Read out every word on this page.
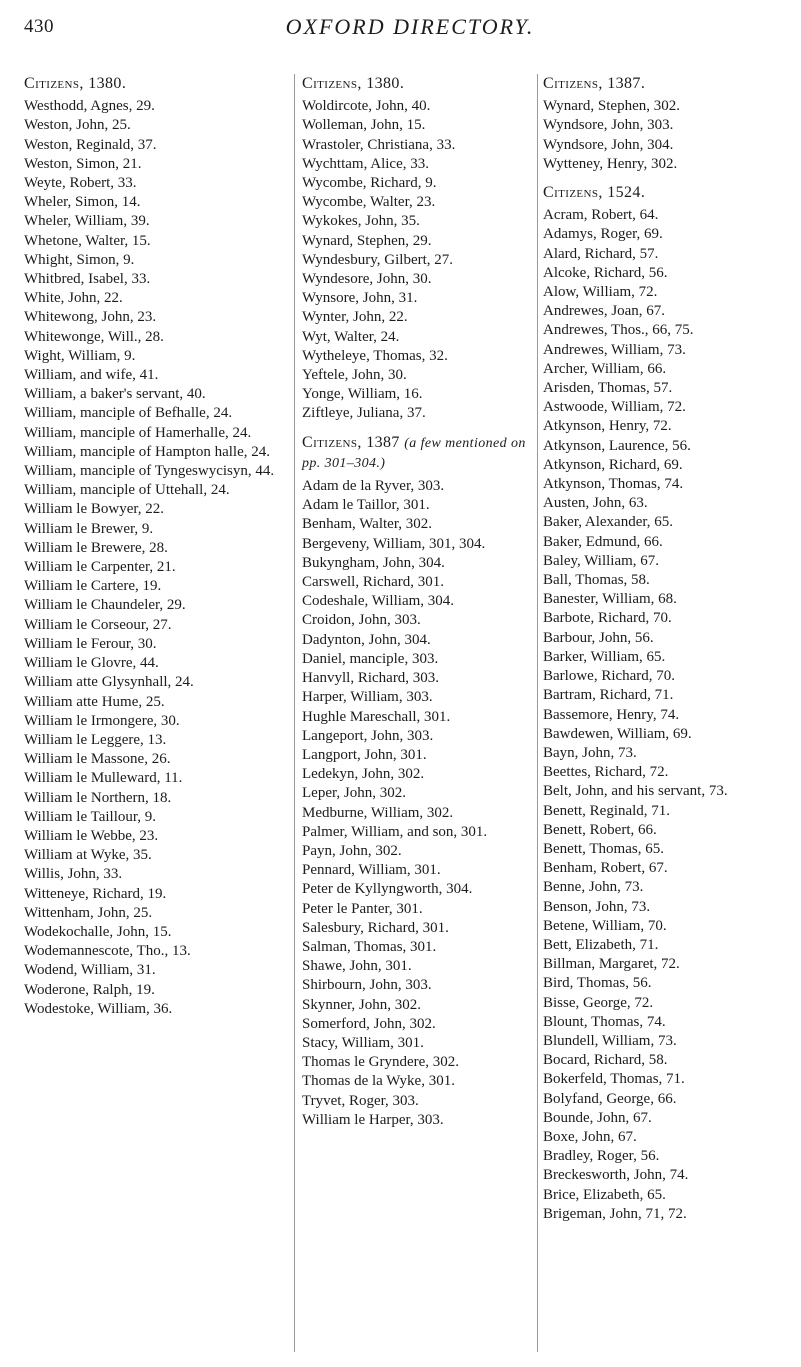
430	OXFORD DIRECTORY.
Citizens, 1380.

Westhodd, Agnes, 29.

Weston, John, 25.

Weston, Reginald, 37.

Weston, Simon, 21.

Weyte, Robert, 33.

Wheler, Simon, 14.

Wheler, William, 39.

Whetone, Walter, 15.

Whight, Simon, 9.

Whitbred, Isabel, 33.

White, John, 22.

Whitewong, John, 23.

Whitewonge, Will., 28.

Wight, William, 9.

William, and wife, 41.

William, a baker's servant, 40.

William, manciple of Befhalle, 24.

William, manciple of Hamerhalle, 24.

William, manciple of Hampton halle, 24.

William, manciple of Tyngeswycisyn, 44.

William, manciple of Uttehall, 24.

William le Bowyer, 22.

William le Brewer, 9.

William le Brewere, 28.

William le Carpenter, 21.

William le Cartere, 19.

William le Chaundeler, 29.

William le Corseour, 27.

William le Ferour, 30.

William le Glovre, 44.

William atte Glysynhall, 24.

William atte Hume, 25.

William le Irmongere, 30.

William le Leggere, 13.

William le Massone, 26.

William le Mulleward, 11.

William le Northern, 18.

William le Taillour, 9.

William le Webbe, 23.

William at Wyke, 35.

Willis, John, 33.

Witteneye, Richard, 19.

Wittenham, John, 25.

Wodekochalle, John, 15.

Wodemannescote, Tho., 13.

Wodend, William, 31.

Woderone, Ralph, 19.

Wodestoke, William, 36.

Citizens, 1380.

Woldircote, John, 40.

Wolleman, John, 15.

Wrastoler, Christiana, 33.

Wychttam, Alice, 33.

Wycombe, Richard, 9.

Wycombe, Walter, 23.

Wykokes, John, 35.

Wynard, Stephen, 29.

Wyndesbury, Gilbert, 27.

Wyndesore, John, 30.

Wynsore, John, 31.

Wynter, John, 22.

Wyt, Walter, 24.

Wytheleye, Thomas, 32.

Yeftele, John, 30.

Yonge, William, 16.

Ziftleye, Juliana, 37.

Citizens, 1387 (a few mentioned on pp. 301–304.)

Adam de la Ryver, 303.

Adam le Taillor, 301.

Benham, Walter, 302.

Bergeveny, William, 301, 304.

Bukyngham, John, 304.

Carswell, Richard, 301.

Codeshale, William, 304.

Croidon, John, 303.

Dadynton, John, 304.

Daniel, manciple, 303.

Hanvyll, Richard, 303.

Harper, William, 303.

Hughle Mareschall, 301.

Langeport, John, 303.

Langport, John, 301.

Ledekyn, John, 302.

Leper, John, 302.

Medburne, William, 302.

Palmer, William, and son, 301.

Payn, John, 302.

Pennard, William, 301.

Peter de Kyllyngworth, 304.

Peter le Panter, 301.

Salesbury, Richard, 301.

Salman, Thomas, 301.

Shawe, John, 301.

Shirbourn, John, 303.

Skynner, John, 302.

Somerford, John, 302.

Stacy, William, 301.

Thomas le Gryndere, 302.

Thomas de la Wyke, 301.

Tryvet, Roger, 303.

William le Harper, 303.

Citizens, 1387.

Wynard, Stephen, 302.

Wyndsore, John, 303.

Wyndsore, John, 304.

Wytteney, Henry, 302.

Citizens, 1524.

Acram, Robert, 64.

Adamys, Roger, 69.

Alard, Richard, 57.

Alcoke, Richard, 56.

Alow, William, 72.

Andrewes, Joan, 67.

Andrewes, Thos., 66, 75.

Andrewes, William, 73.

Archer, William, 66.

Arisden, Thomas, 57.

Astwoode, William, 72.

Atkynson, Henry, 72.

Atkynson, Laurence, 56.

Atkynson, Richard, 69.

Atkynson, Thomas, 74.

Austen, John, 63.

Baker, Alexander, 65.

Baker, Edmund, 66.

Baley, William, 67.

Ball, Thomas, 58.

Banester, William, 68.

Barbote, Richard, 70.

Barbour, John, 56.

Barker, William, 65.

Barlowe, Richard, 70.

Bartram, Richard, 71.

Bassemore, Henry, 74.

Bawdewen, William, 69.

Bayn, John, 73.

Beettes, Richard, 72.

Belt, John, and his servant, 73.

Benett, Reginald, 71.

Benett, Robert, 66.

Benett, Thomas, 65.

Benham, Robert, 67.

Benne, John, 73.

Benson, John, 73.

Betene, William, 70.

Bett, Elizabeth, 71.

Billman, Margaret, 72.

Bird, Thomas, 56.

Bisse, George, 72.

Blount, Thomas, 74.

Blundell, William, 73.

Bocard, Richard, 58.

Bokerfeld, Thomas, 71.

Bolyfand, George, 66.

Bounde, John, 67.

Boxe, John, 67.

Bradley, Roger, 56.

Breckesworth, John, 74.

Brice, Elizabeth, 65.

Brigeman, John, 71, 72.
